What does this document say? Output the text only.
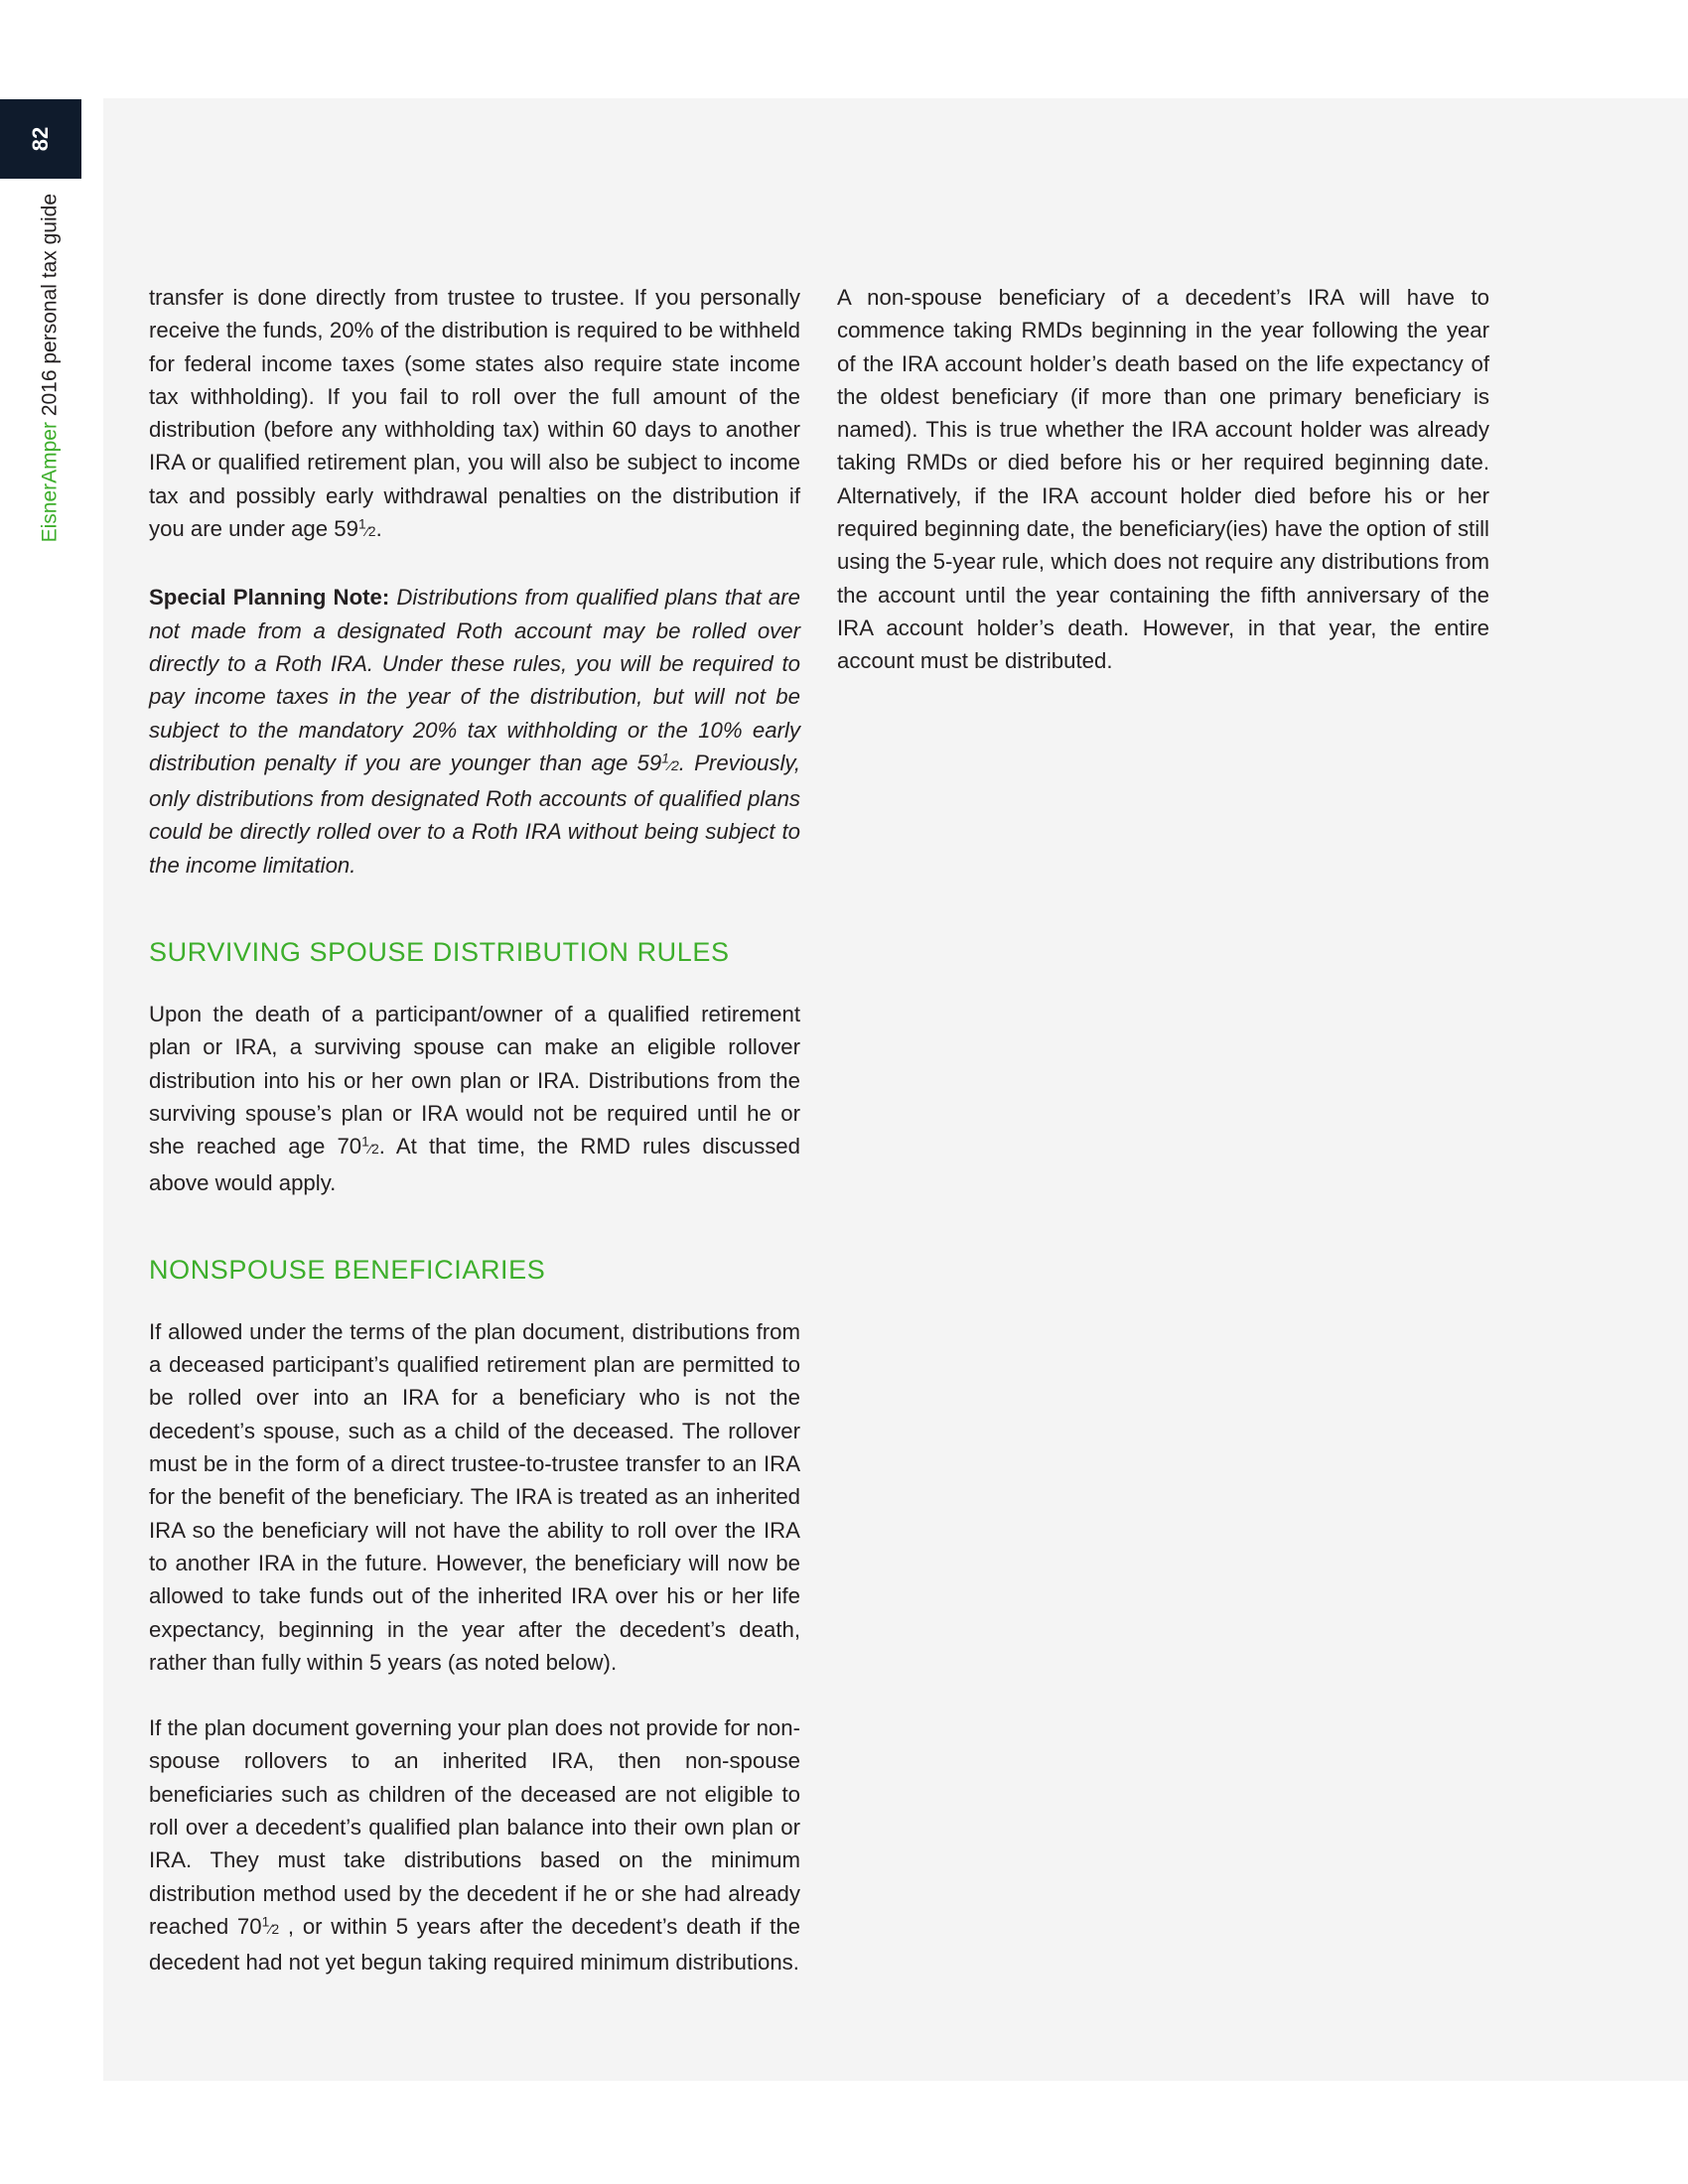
82
EisnerAmper 2016 personal tax guide	transfer is done directly from trustee to trustee. If you personally receive the funds, 20% of the distribution is required to be withheld for federal income taxes (some states also require state income tax withholding). If you fail to roll over the full amount of the distribution (before any withholding tax) within 60 days to another IRA or qualified retirement plan, you will also be subject to income tax and possibly early withdrawal penalties on the distribution if you are under age $59^1⁄2$.

Special Planning Note: Distributions from qualified plans that are not made from a designated Roth account may be rolled over directly to a Roth IRA. Under these rules, you will be required to pay income taxes in the year of the distribution, but will not be subject to the mandatory 20% tax withholding or the 10% early distribution penalty if you are younger than age $59^1⁄2$. Previously, only distributions from designated Roth accounts of qualified plans could be directly rolled over to a Roth IRA without being subject to the income limitation.

SURVIVING SPOUSE DISTRIBUTION RULES

Upon the death of a participant/owner of a qualified retirement plan or IRA, a surviving spouse can make an eligible rollover distribution into his or her own plan or IRA. Distributions from the surviving spouse’s plan or IRA would not be required until he or she reached age $70^1⁄2$. At that time, the RMD rules discussed above would apply.

NONSPOUSE BENEFICIARIES

If allowed under the terms of the plan document, distributions from a deceased participant’s qualified retirement plan are permitted to be rolled over into an IRA for a beneficiary who is not the decedent’s spouse, such as a child of the deceased. The rollover must be in the form of a direct trustee-to-trustee transfer to an IRA for the benefit of the beneficiary. The IRA is treated as an inherited IRA so the beneficiary will not have the ability to roll over the IRA to another IRA in the future. However, the beneficiary will now be allowed to take funds out of the inherited IRA over his or her life expectancy, beginning in the year after the decedent’s death, rather than fully within 5 years (as noted below).

If the plan document governing your plan does not provide for non-spouse rollovers to an inherited IRA, then non-spouse beneficiaries such as children of the deceased are not eligible to roll over a decedent’s qualified plan balance into their own plan or IRA. They must take distributions based on the minimum distribution method used by the decedent if he or she had already reached $70^1⁄2$ , or within 5 years after the decedent’s death if the decedent had not yet begun taking required minimum distributions.

A non-spouse beneficiary of a decedent’s IRA will have to commence taking RMDs beginning in the year following the year of the IRA account holder’s death based on the life expectancy of the oldest beneficiary (if more than one primary beneficiary is named). This is true whether the IRA account holder was already taking RMDs or died before his or her required beginning date. Alternatively, if the IRA account holder died before his or her required beginning date, the beneficiary(ies) have the option of still using the 5-year rule, which does not require any distributions from the account until the year containing the fifth anniversary of the IRA account holder’s death. However, in that year, the entire account must be distributed.
